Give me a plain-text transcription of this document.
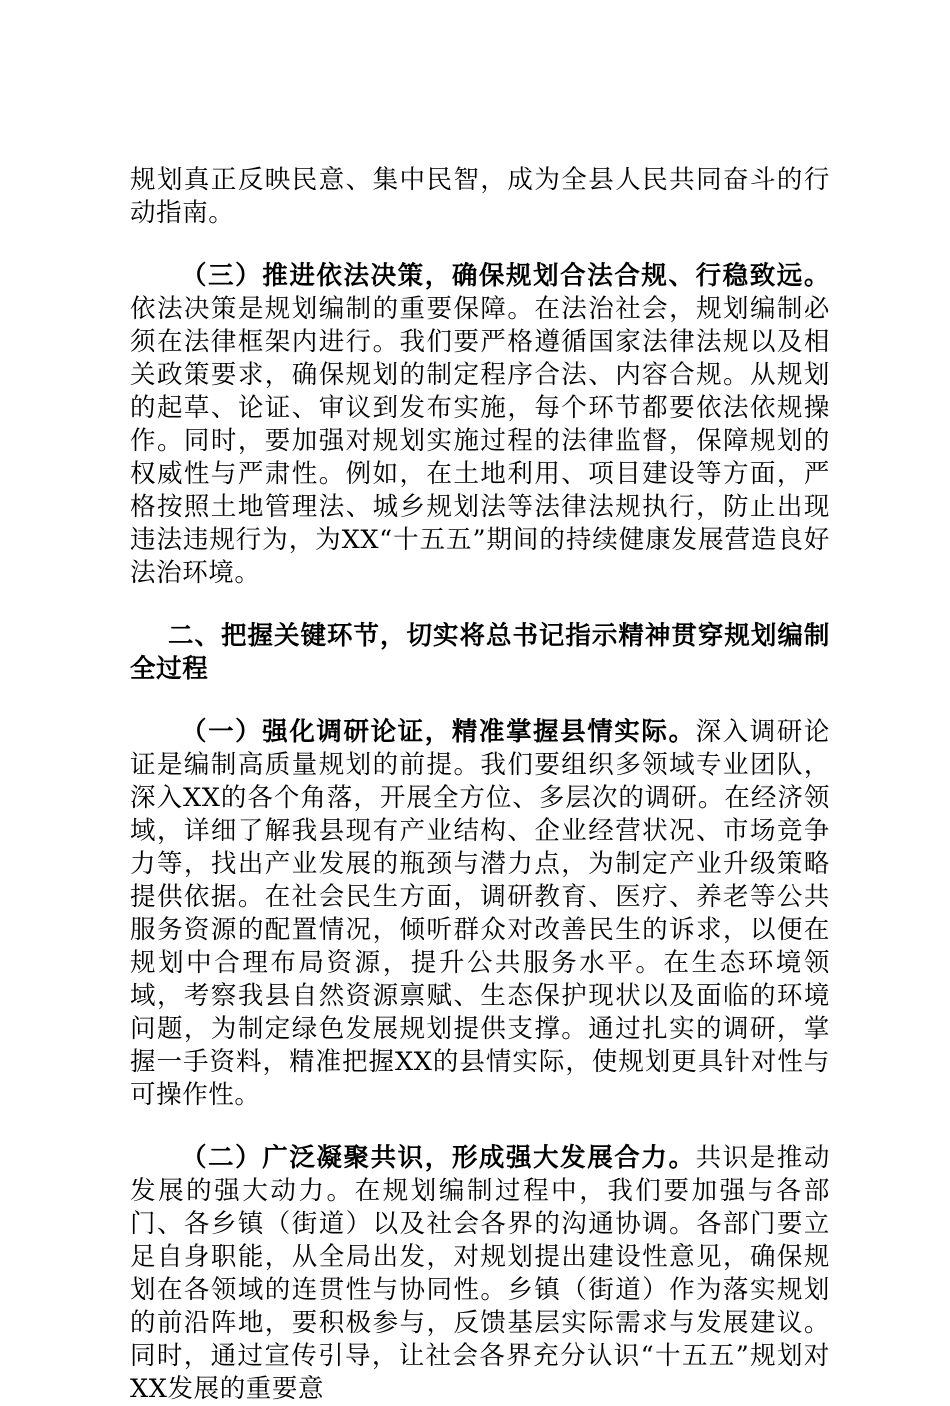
规划真正反映民意、集中民智，成为全县人民共同奋斗的行动指南。

（三）推进依法决策，确保规划合法合规、行稳致远。依法决策是规划编制的重要保障。在法治社会，规划编制必须在法律框架内进行。我们要严格遵循国家法律法规以及相关政策要求，确保规划的制定程序合法、内容合规。从规划的起草、论证、审议到发布实施，每个环节都要依法依规操作。同时，要加强对规划实施过程的法律监督，保障规划的权威性与严肃性。例如，在土地利用、项目建设等方面，严格按照土地管理法、城乡规划法等法律法规执行，防止出现违法违规行为，为XX“十五五”期间的持续健康发展营造良好法治环境。

二、把握关键环节，切实将总书记指示精神贯穿规划编制全过程

（一）强化调研论证，精准掌握县情实际。深入调研论证是编制高质量规划的前提。我们要组织多领域专业团队，深入XX的各个角落，开展全方位、多层次的调研。在经济领域，详细了解我县现有产业结构、企业经营状况、市场竞争力等，找出产业发展的瓶颈与潜力点，为制定产业升级策略提供依据。在社会民生方面，调研教育、医疗、养老等公共服务资源的配置情况，倾听群众对改善民生的诉求，以便在规划中合理布局资源，提升公共服务水平。在生态环境领域，考察我县自然资源禀赋、生态保护现状以及面临的环境问题，为制定绿色发展规划提供支撑。通过扎实的调研，掌握一手资料，精准把握XX的县情实际，使规划更具针对性与可操作性。

（二）广泛凝聚共识，形成强大发展合力。共识是推动发展的强大动力。在规划编制过程中，我们要加强与各部门、各乡镇（街道）以及社会各界的沟通协调。各部门要立足自身职能，从全局出发，对规划提出建设性意见，确保规划在各领域的连贯性与协同性。乡镇（街道）作为落实规划的前沿阵地，要积极参与，反馈基层实际需求与发展建议。同时，通过宣传引导，让社会各界充分认识“十五五”规划对XX发展的重要意
